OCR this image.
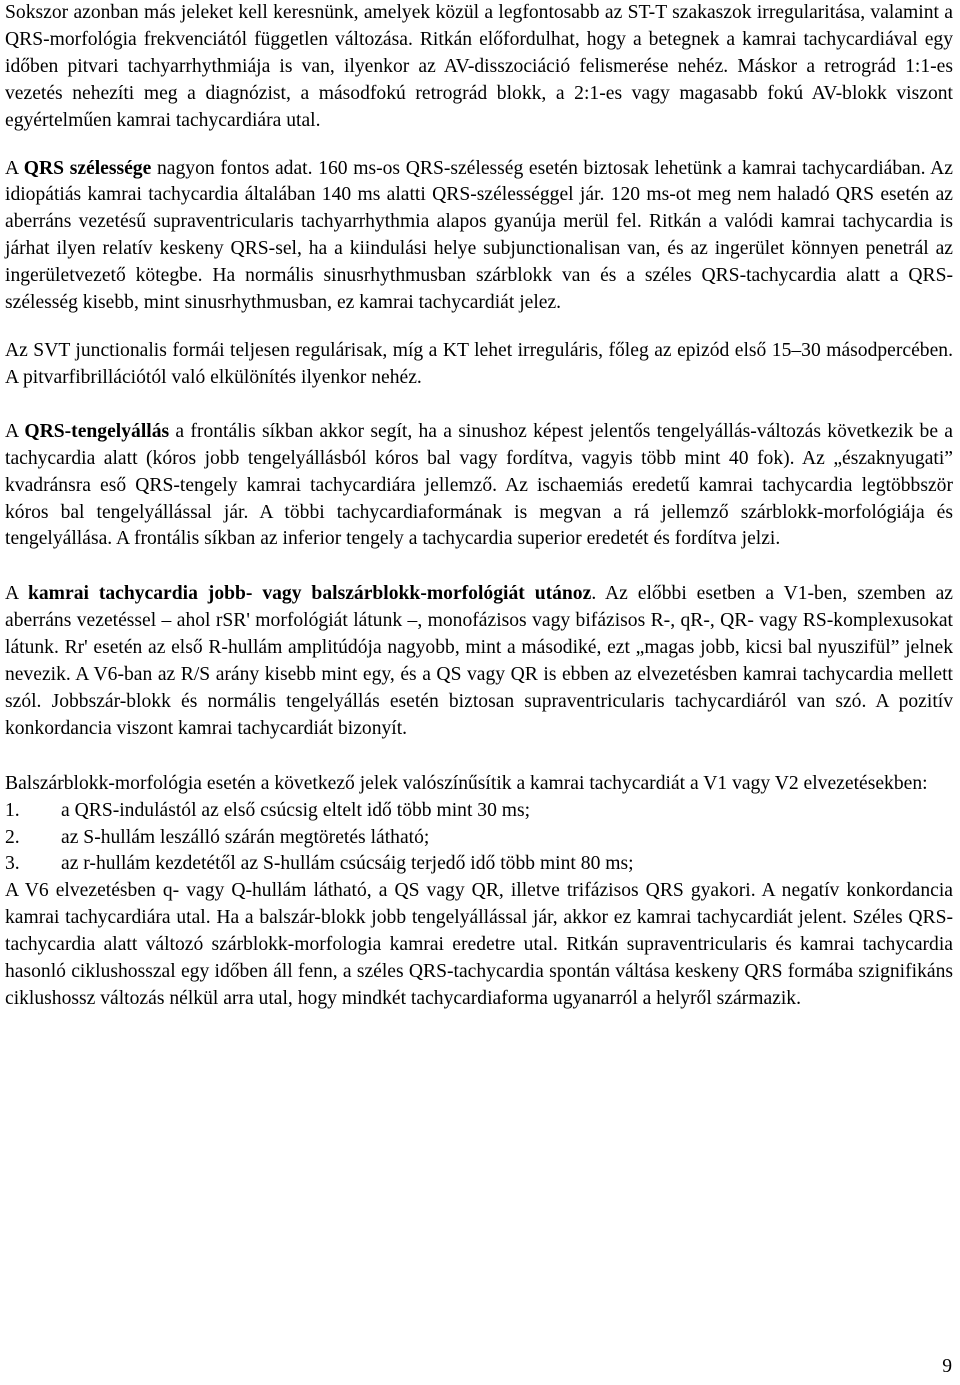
Sokszor azonban más jeleket kell keresnünk, amelyek közül a legfontosabb az ST-T szakaszok irregularitása, valamint a QRS-morfológia frekvenciától független változása. Ritkán előfordulhat, hogy a betegnek a kamrai tachycardiával egy időben pitvari tachyarrhythmiája is van, ilyenkor az AV-disszociáció felismerése nehéz. Máskor a retrográd 1:1-es vezetés nehezíti meg a diagnózist, a másodfokú retrográd blokk, a 2:1-es vagy magasabb fokú AV-blokk viszont egyértelműen kamrai tachycardiára utal.

A QRS szélessége nagyon fontos adat. 160 ms-os QRS-szélesség esetén biztosak lehetünk a kamrai tachycardiában. Az idiopátiás kamrai tachycardia általában 140 ms alatti QRS-szélességgel jár. 120 ms-ot meg nem haladó QRS esetén az aberráns vezetésű supraventricularis tachyarrhythmia alapos gyanúja merül fel. Ritkán a valódi kamrai tachycardia is járhat ilyen relatív keskeny QRS-sel, ha a kiindulási helye subjunctionalisan van, és az ingerület könnyen penetrál az ingerületvezető kötegbe. Ha normális sinusrhythmusban szárblokk van és a széles QRS-tachycardia alatt a QRS-szélesség kisebb, mint sinusrhythmusban, ez kamrai tachycardiát jelez.

Az SVT junctionalis formái teljesen regulárisak, míg a KT lehet irreguláris, főleg az epizód első 15–30 másodpercében. A pitvarfibrillációtól való elkülönítés ilyenkor nehéz.

A QRS-tengelyállás a frontális síkban akkor segít, ha a sinushoz képest jelentős tengelyállás-változás következik be a tachycardia alatt (kóros jobb tengelyállásból kóros bal vagy fordítva, vagyis több mint 40 fok). Az „északnyugati” kvadránsra eső QRS-tengely kamrai tachycardiára jellemző. Az ischaemiás eredetű kamrai tachycardia legtöbbször kóros bal tengelyállással jár. A többi tachycardiaformának is megvan a rá jellemző szárblokk-morfológiája és tengelyállása. A frontális síkban az inferior tengely a tachycardia superior eredetét és fordítva jelzi.

A kamrai tachycardia jobb- vagy balszárblokk-morfológiát utánoz. Az előbbi esetben a V1-ben, szemben az aberráns vezetéssel – ahol rSR' morfológiát látunk –, monofázisos vagy bifázisos R-, qR-, QR- vagy RS-komplexusokat látunk. Rr' esetén az első R-hullám amplitúdója nagyobb, mint a másodiké, ezt „magas jobb, kicsi bal nyuszifül” jelnek nevezik. A V6-ban az R/S arány kisebb mint egy, és a QS vagy QR is ebben az elvezetésben kamrai tachycardia mellett szól. Jobbszár-blokk és normális tengelyállás esetén biztosan supraventricularis tachycardiáról van szó. A pozitív konkordancia viszont kamrai tachycardiát bizonyít.

Balszárblokk-morfológia esetén a következő jelek valószínűsítik a kamrai tachycardiát a V1 vagy V2 elvezetésekben:

1.	a QRS-indulástól az első csúcsig eltelt idő több mint 30 ms;
2.	az S-hullám leszálló szárán megtöretés látható;
3.	az r-hullám kezdetétől az S-hullám csúcsáig terjedő idő több mint 80 ms;

A V6 elvezetésben q- vagy Q-hullám látható, a QS vagy QR, illetve trifázisos QRS gyakori. A negatív konkordancia kamrai tachycardiára utal. Ha a balszár-blokk jobb tengelyállással jár, akkor ez kamrai tachycardiát jelent. Széles QRS-tachycardia alatt változó szárblokk-morfologia kamrai eredetre utal. Ritkán supraventricularis és kamrai tachycardia hasonló ciklushosszal egy időben áll fenn, a széles QRS-tachycardia spontán váltása keskeny QRS formába szignifikáns ciklushossz változás nélkül arra utal, hogy mindkét tachycardiaforma ugyanarról a helyről származik.

9
